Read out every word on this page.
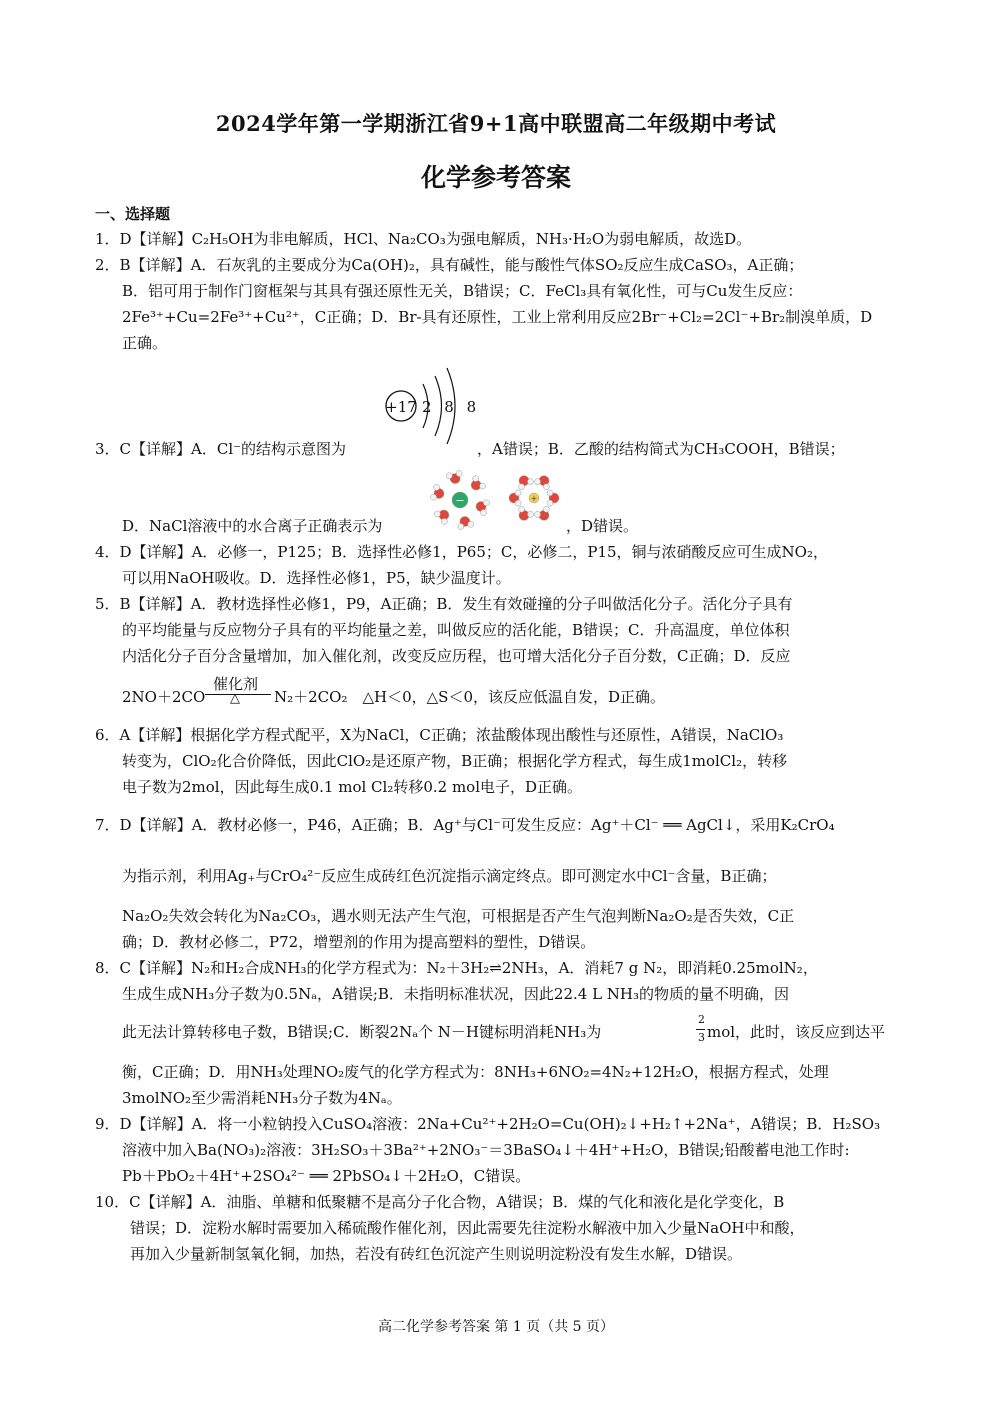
2024学年第一学期浙江省9+1高中联盟高二年级期中考试
化学参考答案
一、选择题
1．D【详解】C₂H₅OH为非电解质，HCl、Na₂CO₃为强电解质，NH₃·H₂O为弱电解质，故选D。
2．B【详解】A．石灰乳的主要成分为Ca(OH)₂，具有碱性，能与酸性气体SO₂反应生成CaSO₃，A正确；
B．铝可用于制作门窗框架与其具有强还原性无关，B错误；C．FeCl₃具有氧化性，可与Cu发生反应：
2Fe³⁺+Cu=2Fe³⁺+Cu²⁺，C正确；D．Br-具有还原性，工业上常利用反应2Br⁻+Cl₂=2Cl⁻+Br₂制溴单质，D
正确。
+17 2 8 8
3．C【详解】A．Cl⁻的结构示意图为	，A错误；B．乙酸的结构简式为CH₃COOH，B错误；
−	+
D．NaCl溶液中的水合离子正确表示为	，D错误。
4．D【详解】A．必修一，P125；B．选择性必修1，P65；C，必修二，P15，铜与浓硝酸反应可生成NO₂，
可以用NaOH吸收。D．选择性必修1，P5，缺少温度计。
5．B【详解】A．教材选择性必修1，P9，A正确；B．发生有效碰撞的分子叫做活化分子。活化分子具有
的平均能量与反应物分子具有的平均能量之差，叫做反应的活化能，B错误；C．升高温度，单位体积
内活化分子百分含量增加，加入催化剂，改变反应历程，也可增大活化分子百分数，C正确；D．反应
2NO＋2CO
催化剂
△ N₂＋2CO₂　△H＜0，△S＜0，该反应低温自发，D正确。
6．A【详解】根据化学方程式配平，X为NaCl，C正确；浓盐酸体现出酸性与还原性，A错误，NaClO₃
转变为，ClO₂化合价降低，因此ClO₂是还原产物，B正确；根据化学方程式，每生成1molCl₂，转移
电子数为2mol，因此每生成0.1 mol Cl₂转移0.2 mol电子，D正确。
7．D【详解】A．教材必修一，P46，A正确；B．Ag⁺与Cl⁻可发生反应：Ag⁺＋Cl⁻ ══ AgCl↓，采用K₂CrO₄
为指示剂，利用Ag₊与CrO₄²⁻反应生成砖红色沉淀指示滴定终点。即可测定水中Cl⁻含量，B正确；
Na₂O₂失效会转化为Na₂CO₃，遇水则无法产生气泡，可根据是否产生气泡判断Na₂O₂是否失效，C正
确；D．教材必修二，P72，增塑剂的作用为提高塑料的塑性，D错误。
8．C【详解】N₂和H₂合成NH₃的化学方程式为：N₂＋3H₂⇌2NH₃，A．消耗7 g N₂，即消耗0.25molN₂，
生成生成NH₃分子数为0.5Nₐ，A错误;B．未指明标准状况，因此22.4 L NH₃的物质的量不明确，因
此无法计算转移电子数，B错误;C．断裂2Nₐ个 N－H键标明消耗NH₃为
2
3 mol，此时，该反应到达平
衡，C正确；D．用NH₃处理NO₂废气的化学方程式为：8NH₃+6NO₂=4N₂+12H₂O，根据方程式，处理
3molNO₂至少需消耗NH₃分子数为4Nₐ。
9．D【详解】A．将一小粒钠投入CuSO₄溶液：2Na+Cu²⁺+2H₂O=Cu(OH)₂↓+H₂↑+2Na⁺，A错误；B．H₂SO₃
溶液中加入Ba(NO₃)₂溶液：3H₂SO₃＋3Ba²⁺+2NO₃⁻＝3BaSO₄↓＋4H⁺+H₂O，B错误;铅酸蓄电池工作时:
Pb＋PbO₂＋4H⁺+2SO₄²⁻ ══ 2PbSO₄↓＋2H₂O，C错误。
10．C【详解】A．油脂、单糖和低聚糖不是高分子化合物，A错误；B．煤的气化和液化是化学变化，B
错误；D．淀粉水解时需要加入稀硫酸作催化剂，因此需要先往淀粉水解液中加入少量NaOH中和酸，
再加入少量新制氢氧化铜，加热，若没有砖红色沉淀产生则说明淀粉没有发生水解，D错误。
高二化学参考答案 第 1 页（共 5 页）
